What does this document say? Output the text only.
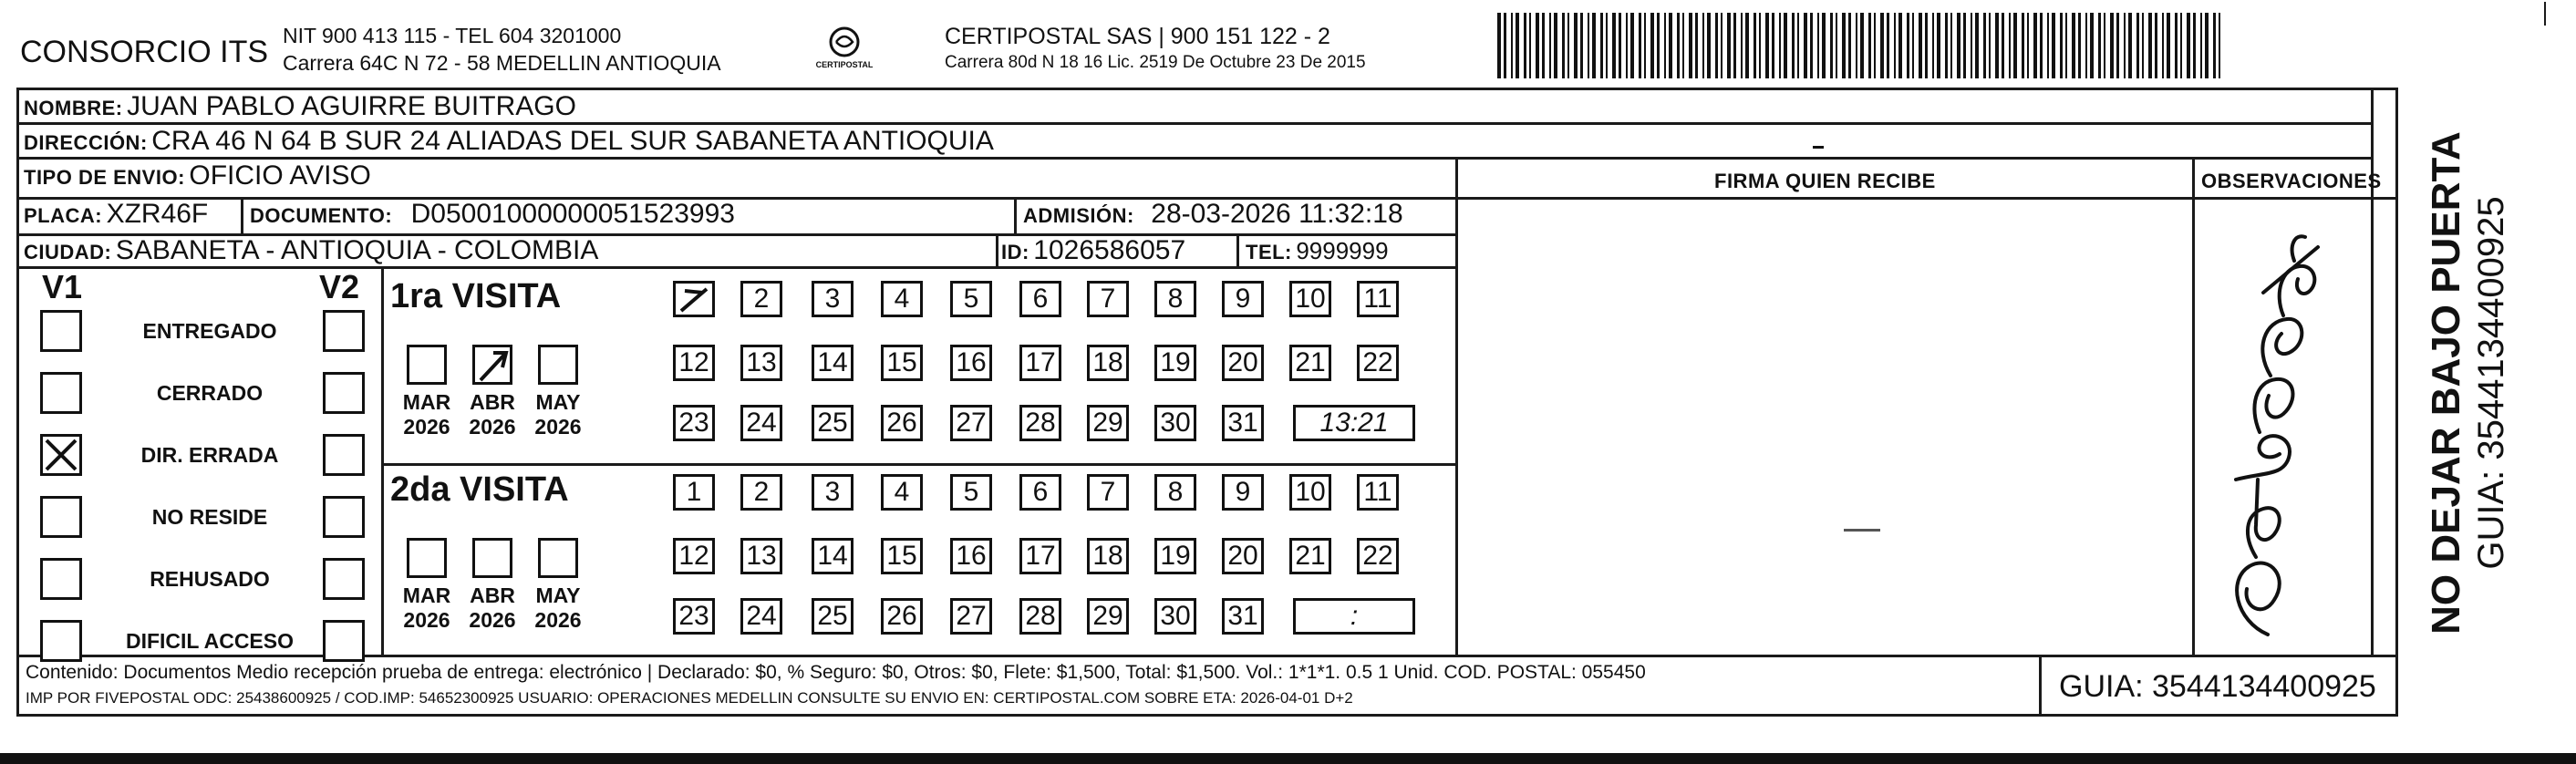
CONSORCIO ITS NIT 900 413 115 - TEL 604 3201000
Carrera 64C N 72 - 58 MEDELLIN ANTIOQUIA	CERTIPOSTAL
CERTIPOSTAL SAS | 900 151 122 - 2
Carrera 80d N 18 16 Lic. 2519 De Octubre 23 De 2015
NOMBRE: JUAN PABLO AGUIRRE BUITRAGO
DIRECCIÓN: CRA 46 N 64 B SUR 24 ALIADAS DEL SUR SABANETA ANTIOQUIA
TIPO DE ENVIO: OFICIO AVISO	FIRMA QUIEN RECIBE	OBSERVACIONES
PLACA: XZR46F DOCUMENTO: D05001000000051523993	ADMISIÓN: 28-03-2026 11:32:18
CIUDAD: SABANETA - ANTIOQUIA - COLOMBIA	ID: 1026586057	TEL: 9999999
V1	V2
ENTREGADO
CERRADO
DIR. ERRADA
NO RESIDE
REHUSADO
DIFICIL ACCESO
1ra VISITA
MAR
2026
ABR
2026
MAY
2026
2	3	4	5	6	7	8	9	10 11
12 13 14 15 16 17 18 19 20 21 22
23 24 25 26 27 28 29 30 31	13:21
2da VISITA
MAR
2026
ABR
2026
MAY
2026
1	2	3	4	5	6	7	8	9	10 11
12 13 14 15 16 17 18 19 20 21 22
23 24 25 26 27 28 29 30 31	:
Contenido: Documentos Medio recepción prueba de entrega: electrónico | Declarado: $0, % Seguro: $0, Otros: $0, Flete: $1,500, Total: $1,500. Vol.: 1*1*1. 0.5 1 Unid. COD. POSTAL: 055450
IMP POR FIVEPOSTAL ODC: 25438600925 / COD.IMP: 54652300925 USUARIO: OPERACIONES MEDELLIN CONSULTE SU ENVIO EN: CERTIPOSTAL.COM SOBRE ETA: 2026-04-01 D+2	GUIA: 3544134400925
NO DEJAR BAJO PUERTA GUIA: 3544134400925
